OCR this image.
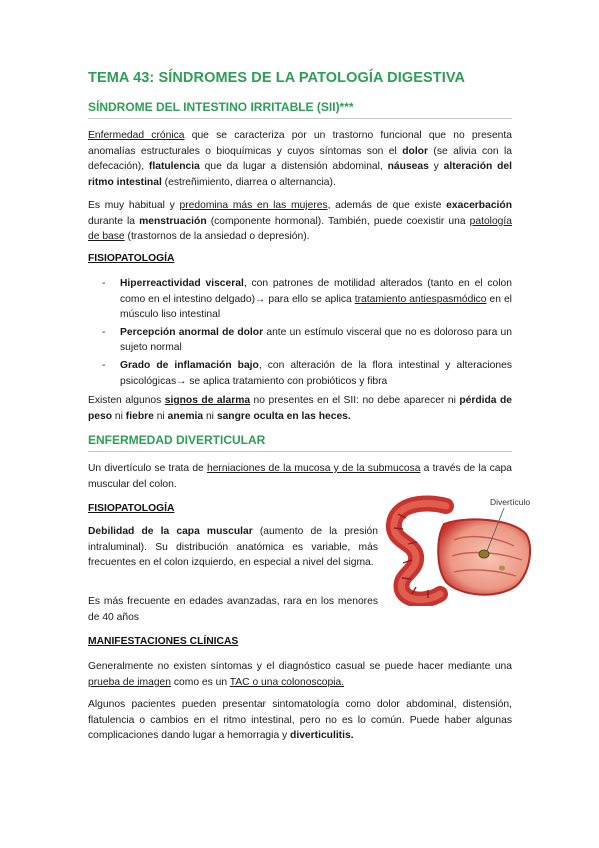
TEMA 43: SÍNDROMES DE LA PATOLOGÍA DIGESTIVA
SÍNDROME DEL INTESTINO IRRITABLE (SII)***

Enfermedad crónica que se caracteriza por un trastorno funcional que no presenta anomalías estructurales o bioquímicas y cuyos síntomas son el dolor (se alivia con la defecación), flatulencia que da lugar a distensión abdominal, náuseas y alteración del ritmo intestinal (estreñimiento, diarrea o alternancia).

Es muy habitual y predomina más en las mujeres, además de que existe exacerbación durante la menstruación (componente hormonal). También, puede coexistir una patología de base (trastornos de la ansiedad o depresión).

FISIOPATOLOGÍA
- Hiperreactividad visceral, con patrones de motilidad alterados (tanto en el colon como en el intestino delgado)→ para ello se aplica tratamiento antiespasmódico en el músculo liso intestinal
- Percepción anormal de dolor ante un estímulo visceral que no es doloroso para un sujeto normal
- Grado de inflamación bajo, con alteración de la flora intestinal y alteraciones psicológicas→ se aplica tratamiento con probióticos y fibra

Existen algunos signos de alarma no presentes en el SII: no debe aparecer ni pérdida de peso ni fiebre ni anemia ni sangre oculta en las heces.

ENFERMEDAD DIVERTICULAR

Un divertículo se trata de herniaciones de la mucosa y de la submucosa a través de la capa muscular del colon.

FISIOPATOLOGÍA

Debilidad de la capa muscular (aumento de la presión intraluminal). Su distribución anatómica es variable, más frecuentes en el colon izquierdo, en especial a nivel del sigma.

Es más frecuente en edades avanzadas, rara en los menores de 40 años

Divertículo
MANIFESTACIONES CLÍNICAS

Generalmente no existen síntomas y el diagnóstico casual se puede hacer mediante una prueba de imagen como es un TAC o una colonoscopia.

Algunos pacientes pueden presentar sintomatología como dolor abdominal, distensión, flatulencia o cambios en el ritmo intestinal, pero no es lo común. Puede haber algunas complicaciones dando lugar a hemorragia y diverticulitis.
